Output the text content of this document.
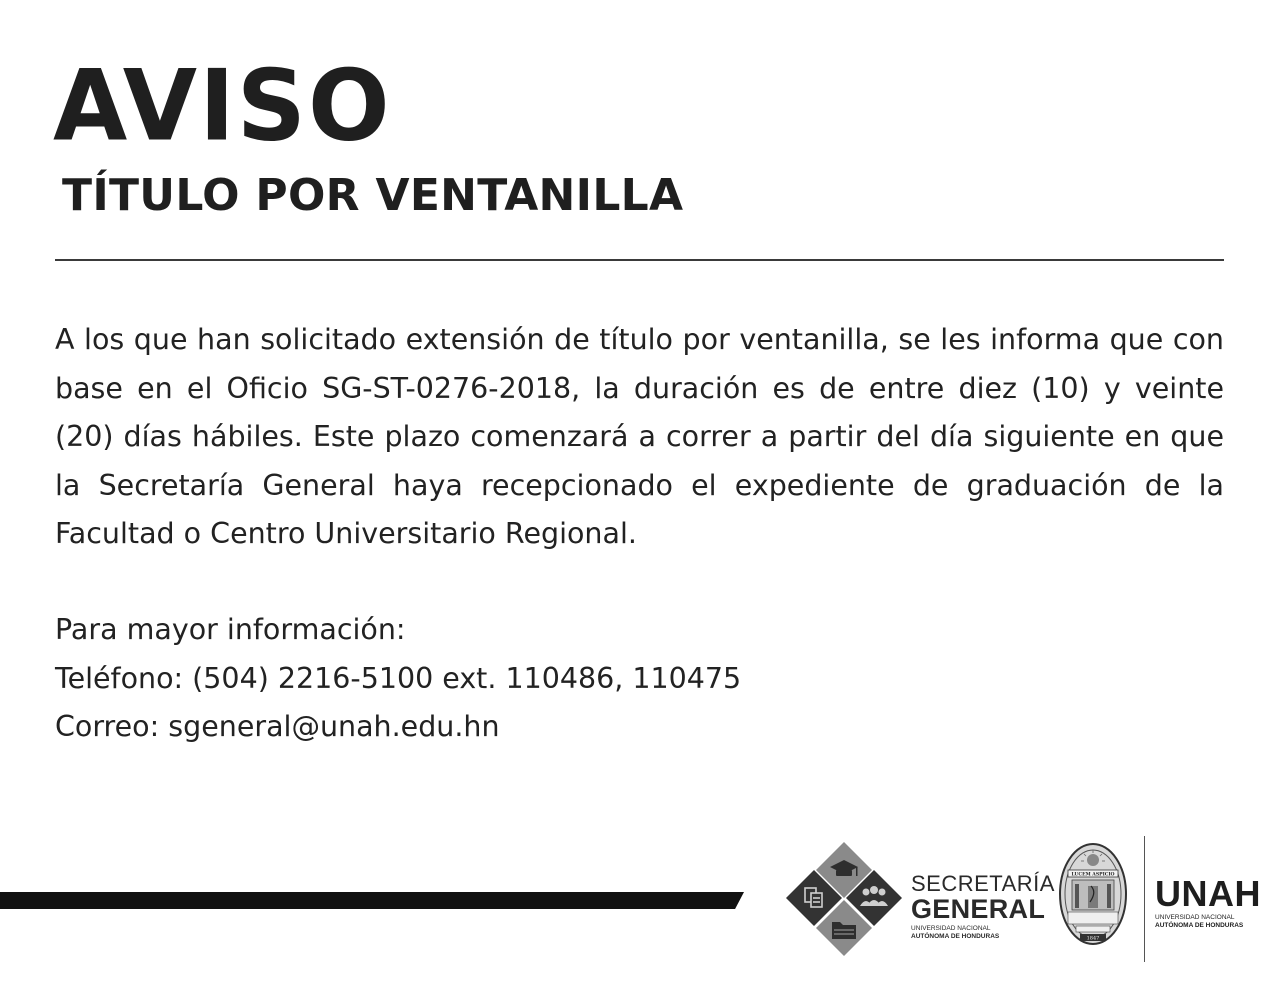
AVISO
TÍTULO POR VENTANILLA
A los que han solicitado extensión de título por ventanilla, se les informa que con base en el Oficio SG-ST-0276-2018, la duración es de entre diez (10) y veinte (20) días hábiles. Este plazo comenzará a correr a partir del día siguiente en que la Secretaría General haya recepcionado el expediente de graduación de la Facultad o Centro Universitario Regional.
Para mayor información:
Teléfono: (504) 2216-5100 ext. 110486, 110475
Correo: sgeneral@unah.edu.hn
SECRETARÍA
GENERAL
UNIVERSIDAD NACIONAL
AUTÓNOMA DE HONDURAS
LUCEM ASPICIO
1847
UNAH
UNIVERSIDAD NACIONAL
AUTÓNOMA DE HONDURAS
